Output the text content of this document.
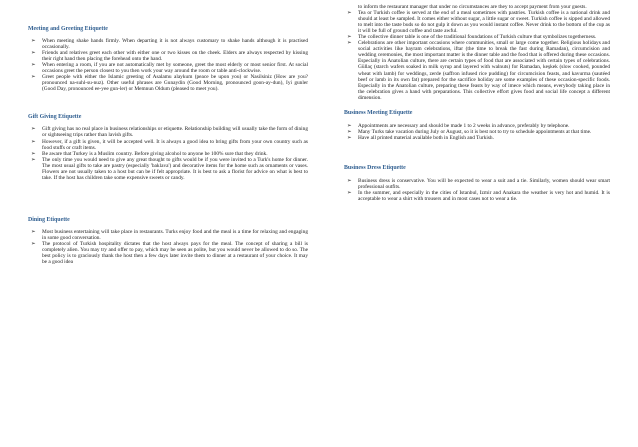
Meeting and Greeting Etiquette

➢ When meeting shake hands firmly. When departing it is not always customary to shake hands although it is practised occasionally.
➢ Friends and relatives greet each other with either one or two kisses on the cheek. Elders are always respected by kissing their right hand then placing the forehead onto the hand.
➢ When entering a room, if you are not automatically met by someone, greet the most elderly or most senior first. At social occasions greet the person closest to you then work your way around the room or table anti-clockwise.
➢ Greet people with either the Islamic greeting of Asalamu alaykum (peace be upon you) or Nasilsiniz (How are you? pronounced na-suhl-su-nuz). Other useful phrases are Gunaydin (Good Morning, pronounced goon-ay-dun), Iyi gunler (Good Day, pronounced ee-yee gun-ler) or Memnun Oldum (pleased to meet you).

Gift Giving Etiquette

➢ Gift giving has no real place in business relationships or etiquette. Relationship building will usually take the form of dining or sightseeing trips rather than lavish gifts.
➢ However, if a gift is given, it will be accepted well. It is always a good idea to bring gifts from your own country such as food stuffs or craft items.
➢ Be aware that Turkey is a Muslim country. Before giving alcohol to anyone be 100% sure that they drink.
➢ The only time you would need to give any great thought to gifts would be if you were invited to a Turk's home for dinner. The most usual gifts to take are pastry (especially 'baklava') and decorative items for the home such as ornaments or vases. Flowers are not usually taken to a host but can be if felt appropriate. It is best to ask a florist for advice on what is best to take. If the host has children take some expensive sweets or candy.

Dining Etiquette

➢ Most business entertaining will take place in restaurants. Turks enjoy food and the meal is a time for relaxing and engaging in some good conversation.
➢ The protocol of Turkish hospitality dictates that the host always pays for the meal. The concept of sharing a bill is completely alien. You may try and offer to pay, which may be seen as polite, but you would never be allowed to do so. The best policy is to graciously thank the host then a few days later invite them to dinner at a restaurant of your choice. It may be a good idea

to inform the restaurant manager that under no circumstances are they to accept payment from your guests.

➢ Tea or Turkish coffee is served at the end of a meal sometimes with pastries. Turkish coffee is a national drink and should at least be sampled. It comes either without sugar, a little sugar or sweet. Turkish coffee is sipped and allowed to melt into the taste buds so do not gulp it down as you would instant coffee. Never drink to the bottom of the cup as it will be full of ground coffee and taste awful.
➢ The collective dinner table is one of the traditional foundations of Turkish culture that symbolizes togetherness.
➢ Celebrations are other important occasions where communities, small or large come together. Religious holidays and social activities like bayram celebrations, iftar (the time to break the fast during Ramadan), circumcision and wedding ceremonies, the most important matter is the dinner table and the food that is offered during these occasions. Especially in Anatolian culture, there are certain types of food that are associated with certain types of celebrations. Güllaç (starch wafers soaked in milk syrup and layered with walnuts) for Ramadan, keşkek (slow cooked, pounded wheat with lamb) for weddings, zerde (saffron infused rice pudding) for circumcision feasts, and kavurma (sautéed beef or lamb in its own fat) prepared for the sacrifice holiday are some examples of these occasion-specific foods. Especially in the Anatolian culture, preparing these feasts by way of imece which means, everybody taking place in the celebration gives a hand with preparations. This collective effort gives food and social life concept a different dimension.

Business Meeting Etiquette

➢ Appointments are necessary and should be made 1 to 2 weeks in advance, preferably by telephone.
➢ Many Turks take vacation during July or August, so it is best not to try to schedule appointments at that time.
➢ Have all printed material available both in English and Turkish.

Business Dress Etiquette

➢ Business dress is conservative. You will be expected to wear a suit and a tie. Similarly, women should wear smart professional outfits.
➢ In the summer, and especially in the cities of Istanbul, Izmir and Anakara the weather is very hot and humid. It is acceptable to wear a shirt with trousers and in most cases not to wear a tie.
